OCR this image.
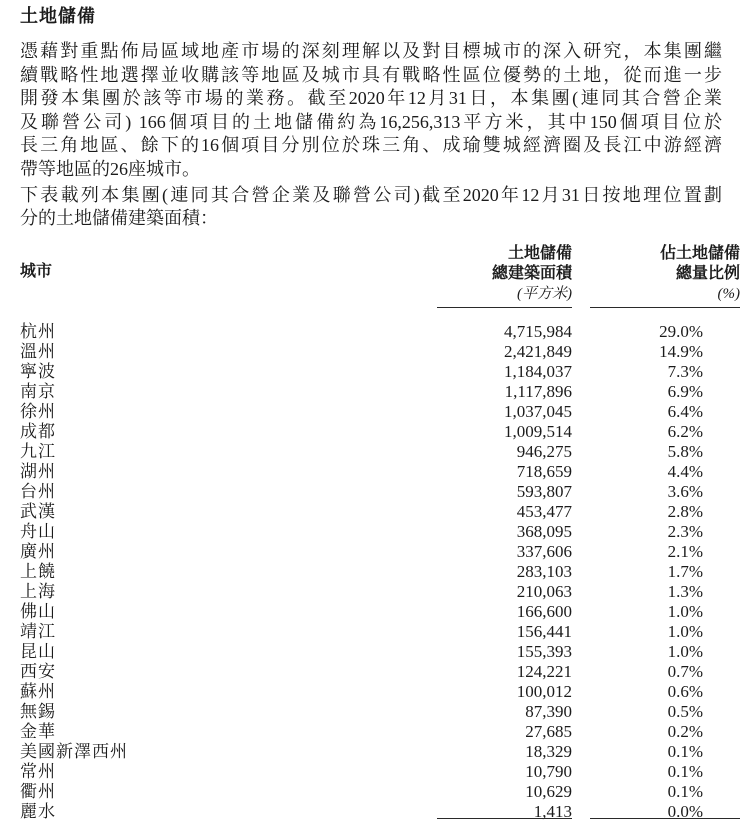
土地儲備
憑藉對重點佈局區域地產市場的深刻理解以及對目標城市的深入研究，本集團繼
續戰略性地選擇並收購該等地區及城市具有戰略性區位優勢的土地，從而進一步
開發本集團於該等市場的業務。截至2020年12月31日，本集團(連同其合營企業
及聯營公司) 166個項目的土地儲備約為16,256,313平方米，其中150個項目位於
長三角地區、餘下的16個項目分別位於珠三角、成瑜雙城經濟圈及長江中游經濟
帶等地區的26座城市。
下表載列本集團(連同其合營企業及聯營公司)截至2020年12月31日按地理位置劃
分的土地儲備建築面積：
城市
土地儲備
總建築面積
(平方米)
佔土地儲備
總量比例
(%)
杭州	4,715,984	29.0%
溫州	2,421,849	14.9%
寧波	1,184,037	7.3%
南京	1,117,896	6.9%
徐州	1,037,045	6.4%
成都	1,009,514	6.2%
九江	946,275	5.8%
湖州	718,659	4.4%
台州	593,807	3.6%
武漢	453,477	2.8%
舟山	368,095	2.3%
廣州	337,606	2.1%
上饒	283,103	1.7%
上海	210,063	1.3%
佛山	166,600	1.0%
靖江	156,441	1.0%
昆山	155,393	1.0%
西安	124,221	0.7%
蘇州	100,012	0.6%
無錫	87,390	0.5%
金華	27,685	0.2%
美國新澤西州	18,329	0.1%
常州	10,790	0.1%
衢州	10,629	0.1%
麗水	1,413	0.0%
